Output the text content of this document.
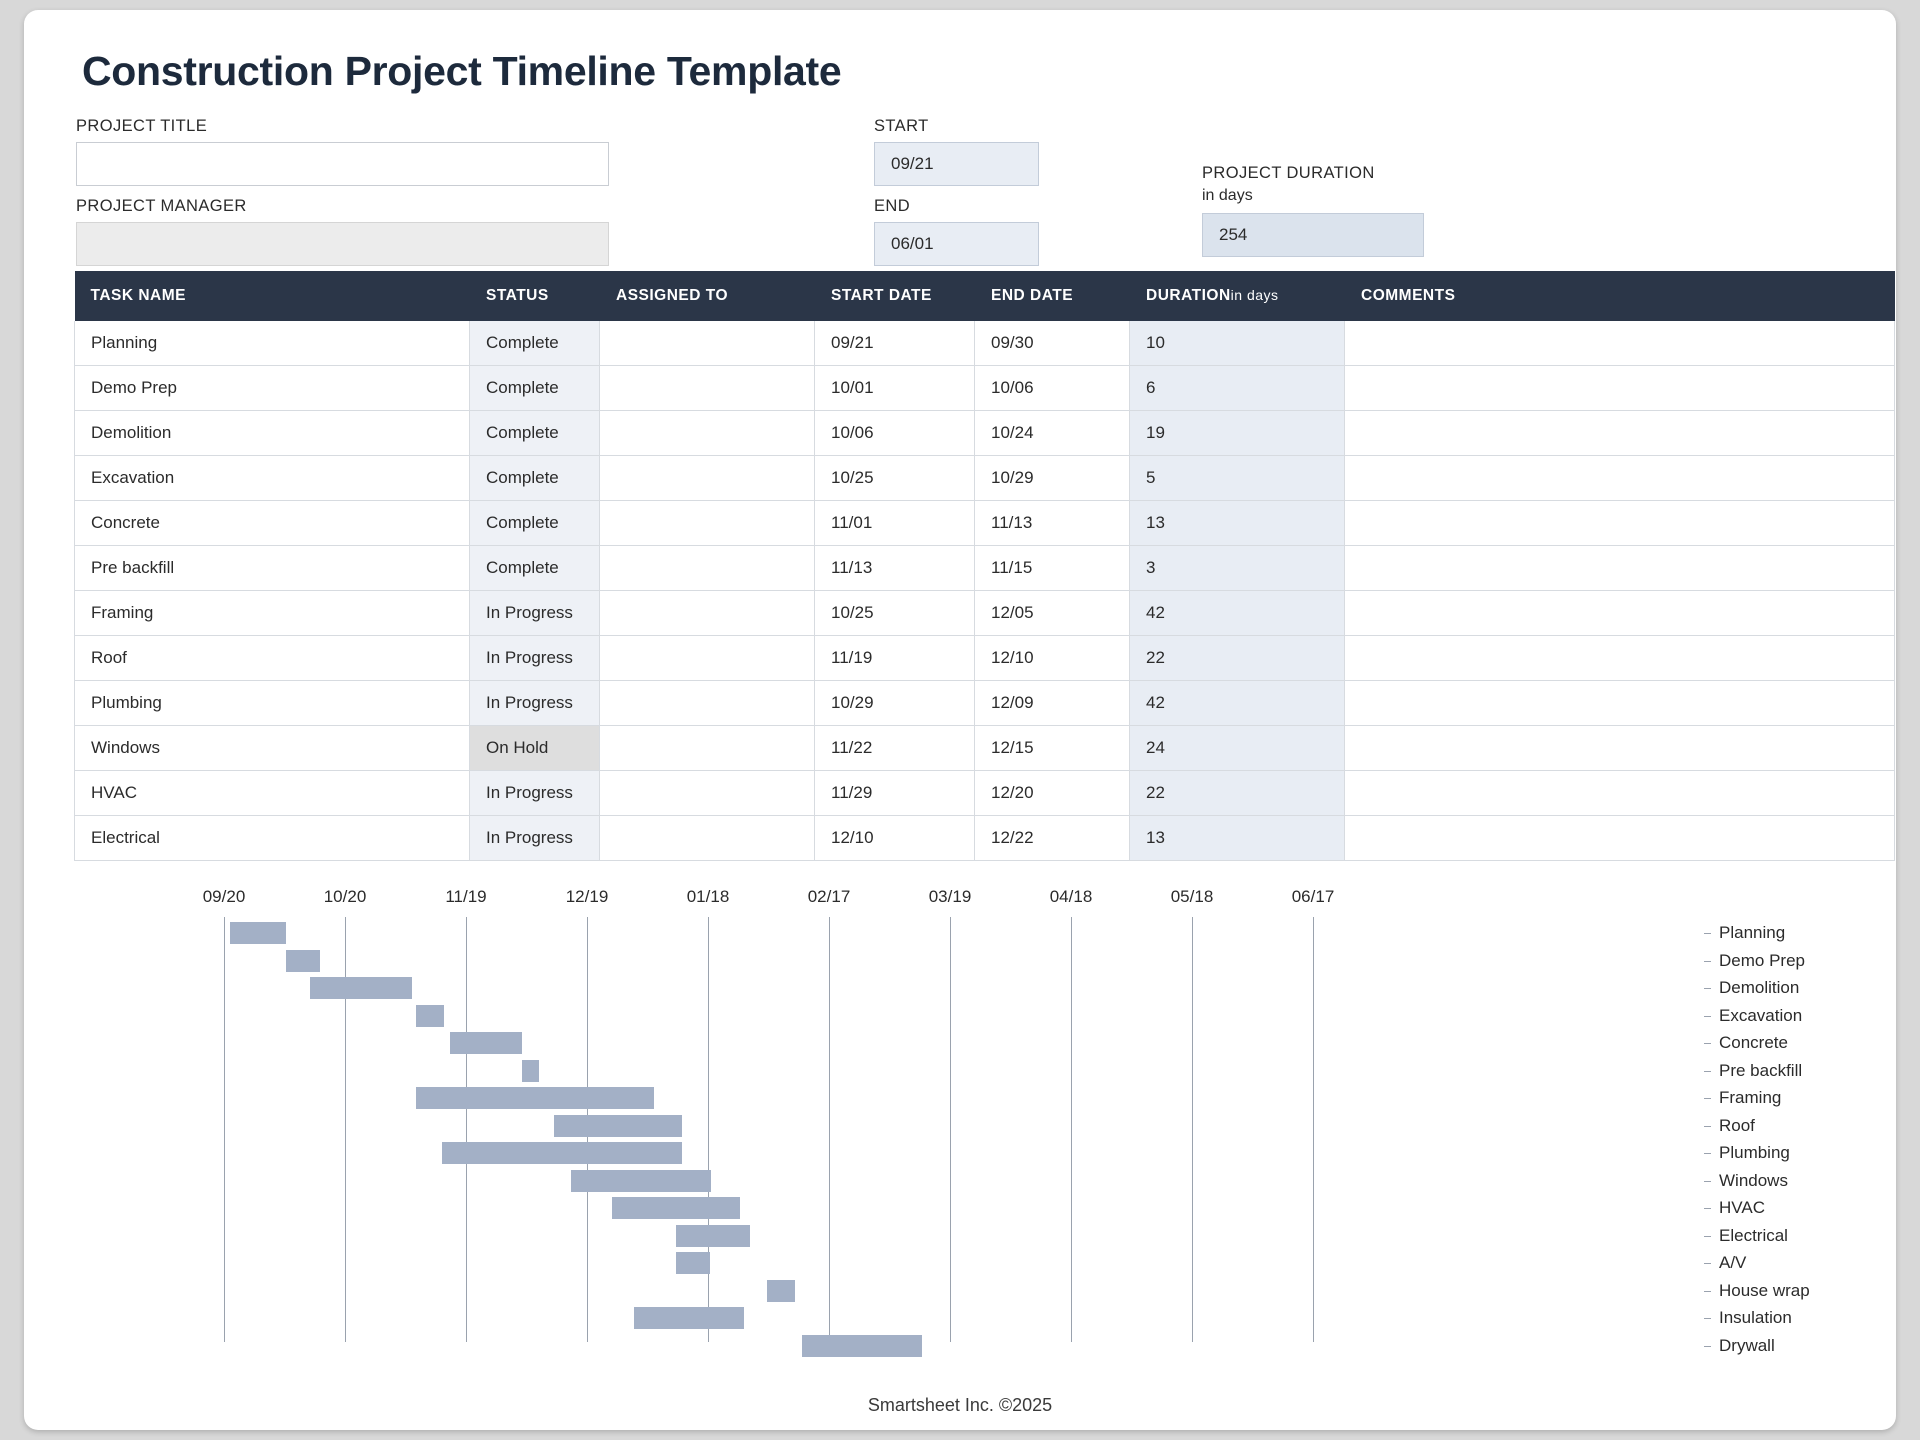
Construction Project Timeline Template
PROJECT TITLE
PROJECT MANAGER
START
09/21
END
06/01
PROJECT DURATION
in days
254
TASK NAME	STATUS	ASSIGNED TO	START DATE	END DATE	DURATIONin days	COMMENTS
Planning	Complete		09/21	09/30	10	
Demo Prep	Complete		10/01	10/06	6	
Demolition	Complete		10/06	10/24	19	
Excavation	Complete		10/25	10/29	5	
Concrete	Complete		11/01	11/13	13	
Pre backfill	Complete		11/13	11/15	3	
Framing	In Progress		10/25	12/05	42	
Roof	In Progress		11/19	12/10	22	
Plumbing	In Progress		10/29	12/09	42	
Windows	On Hold		11/22	12/15	24	
HVAC	In Progress		11/29	12/20	22	
Electrical	In Progress		12/10	12/22	13	
09/20	10/20	11/19	12/19	01/18	02/17	03/19	04/18	05/18	06/17
Planning
Demo Prep
Demolition
Excavation
Concrete
Pre backfill
Framing
Roof
Plumbing
Windows
HVAC
Electrical
A/V
House wrap
Insulation
Drywall
Smartsheet Inc. ©2025
